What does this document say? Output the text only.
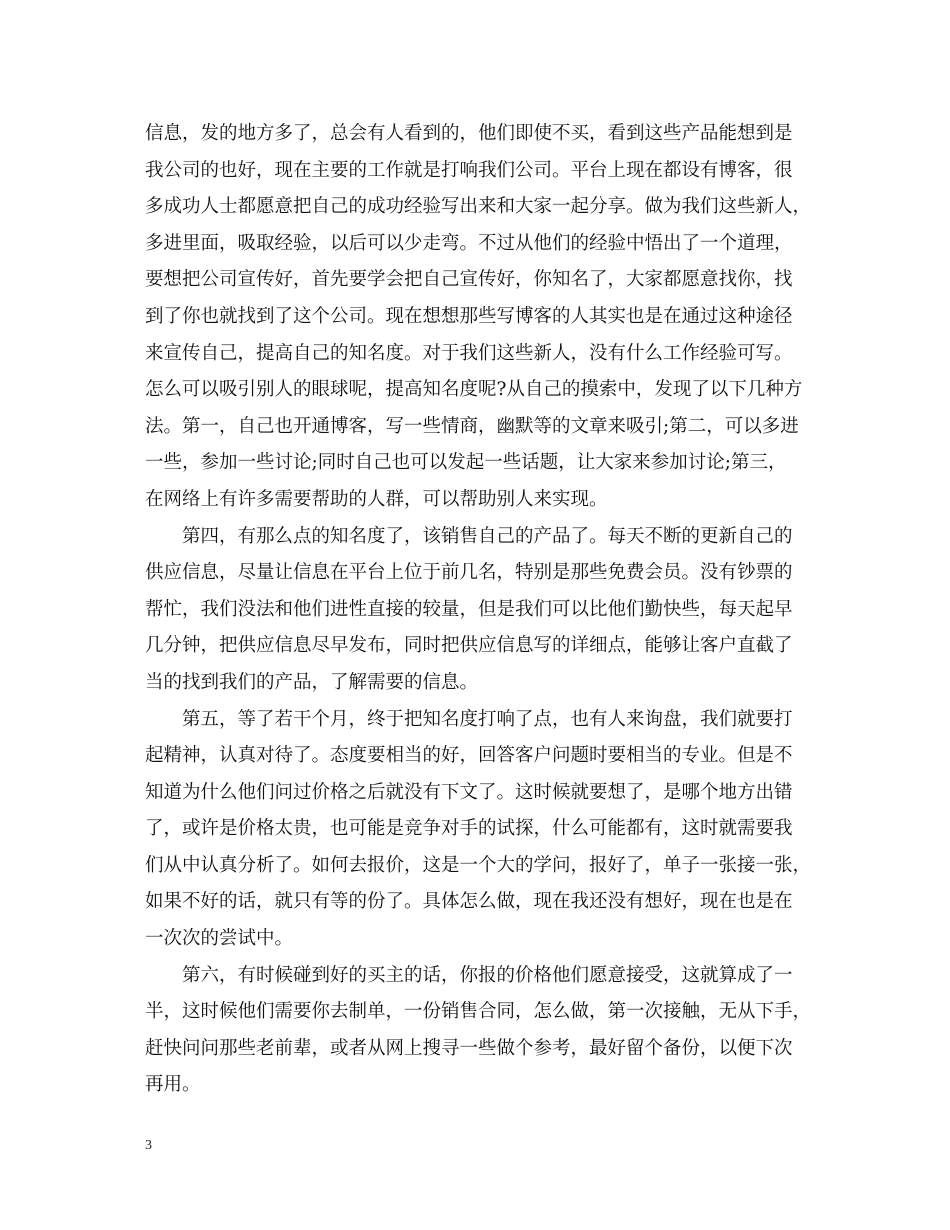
信息，发的地方多了，总会有人看到的，他们即使不买，看到这些产品能想到是
我公司的也好，现在主要的工作就是打响我们公司。平台上现在都设有博客，很
多成功人士都愿意把自己的成功经验写出来和大家一起分享。做为我们这些新人，
多进里面，吸取经验，以后可以少走弯。不过从他们的经验中悟出了一个道理，
要想把公司宣传好，首先要学会把自己宣传好，你知名了，大家都愿意找你，找
到了你也就找到了这个公司。现在想想那些写博客的人其实也是在通过这种途径
来宣传自己，提高自己的知名度。对于我们这些新人，没有什么工作经验可写。
怎么可以吸引别人的眼球呢，提高知名度呢?从自己的摸索中，发现了以下几种方
法。第一，自己也开通博客，写一些情商，幽默等的文章来吸引;第二，可以多进
一些，参加一些讨论;同时自己也可以发起一些话题，让大家来参加讨论;第三，
在网络上有许多需要帮助的人群，可以帮助别人来实现。
第四，有那么点的知名度了，该销售自己的产品了。每天不断的更新自己的
供应信息，尽量让信息在平台上位于前几名，特别是那些免费会员。没有钞票的
帮忙，我们没法和他们进性直接的较量，但是我们可以比他们勤快些，每天起早
几分钟，把供应信息尽早发布，同时把供应信息写的详细点，能够让客户直截了
当的找到我们的产品，了解需要的信息。
第五，等了若干个月，终于把知名度打响了点，也有人来询盘，我们就要打
起精神，认真对待了。态度要相当的好，回答客户问题时要相当的专业。但是不
知道为什么他们问过价格之后就没有下文了。这时候就要想了，是哪个地方出错
了，或许是价格太贵，也可能是竞争对手的试探，什么可能都有，这时就需要我
们从中认真分析了。如何去报价，这是一个大的学问，报好了，单子一张接一张，
如果不好的话，就只有等的份了。具体怎么做，现在我还没有想好，现在也是在
一次次的尝试中。
第六，有时候碰到好的买主的话，你报的价格他们愿意接受，这就算成了一
半，这时候他们需要你去制单，一份销售合同，怎么做，第一次接触，无从下手，
赶快问问那些老前辈，或者从网上搜寻一些做个参考，最好留个备份，以便下次
再用。
3
